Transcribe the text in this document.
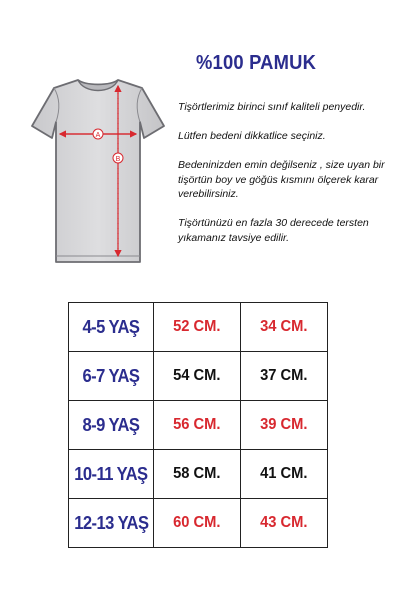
A
B
%100 PAMUK
Tişörtlerimiz birinci sınıf kaliteli penyedir.
Lütfen bedeni dikkatlice seçiniz.
Bedeninizden emin değilseniz , size uyan bir tişörtün boy ve göğüs kısmını ölçerek karar verebilirsiniz.
Tişörtünüzü en fazla 30 derecede tersten yıkamanız tavsiye edilir.
4-5 YAŞ	52 CM.	34 CM.
6-7 YAŞ	54 CM.	37 CM.
8-9 YAŞ	56 CM.	39 CM.
10-11 YAŞ	58 CM.	41 CM.
12-13 YAŞ	60 CM.	43 CM.
